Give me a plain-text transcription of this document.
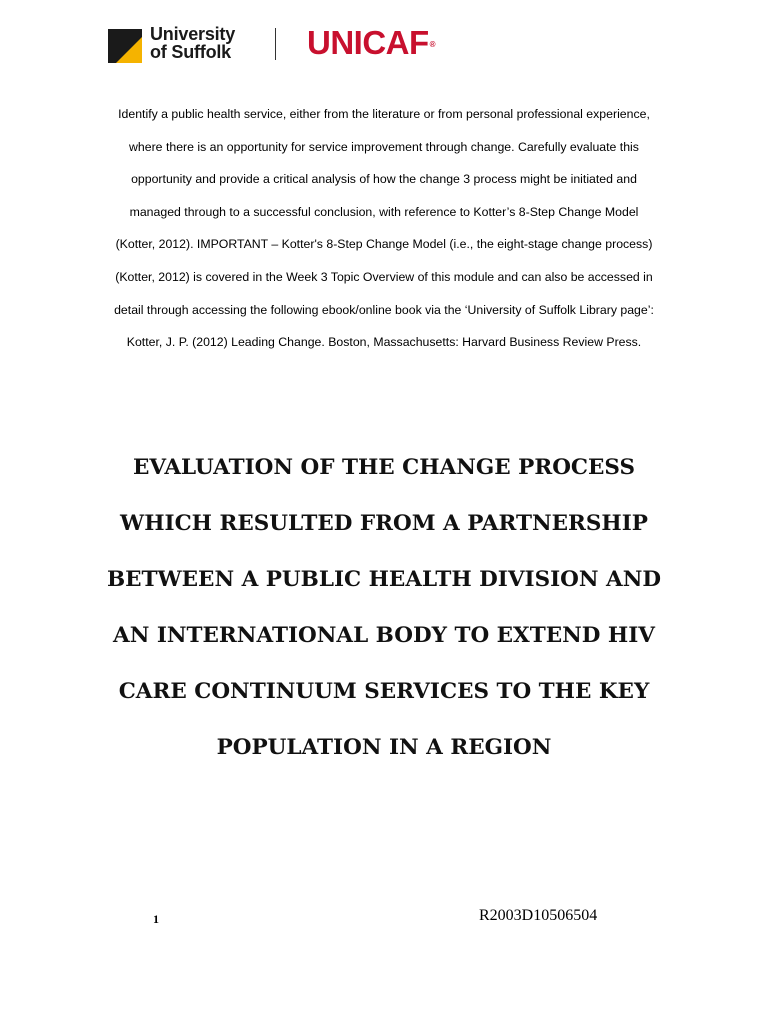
University
of Suffolk UNICAF®
Identify a public health service, either from the literature or from personal professional experience,
where there is an opportunity for service improvement through change. Carefully evaluate this
opportunity and provide a critical analysis of how the change 3 process might be initiated and
managed through to a successful conclusion, with reference to Kotter’s 8-Step Change Model
(Kotter, 2012). IMPORTANT – Kotter's 8-Step Change Model (i.e., the eight-stage change process)
(Kotter, 2012) is covered in the Week 3 Topic Overview of this module and can also be accessed in
detail through accessing the following ebook/online book via the ‘University of Suffolk Library page’:
Kotter, J. P. (2012) Leading Change. Boston, Massachusetts: Harvard Business Review Press.
EVALUATION OF THE CHANGE PROCESS
WHICH RESULTED FROM A PARTNERSHIP
BETWEEN A PUBLIC HEALTH DIVISION AND
AN INTERNATIONAL BODY TO EXTEND HIV
CARE CONTINUUM SERVICES TO THE KEY
POPULATION IN A REGION
1	R2003D10506504
